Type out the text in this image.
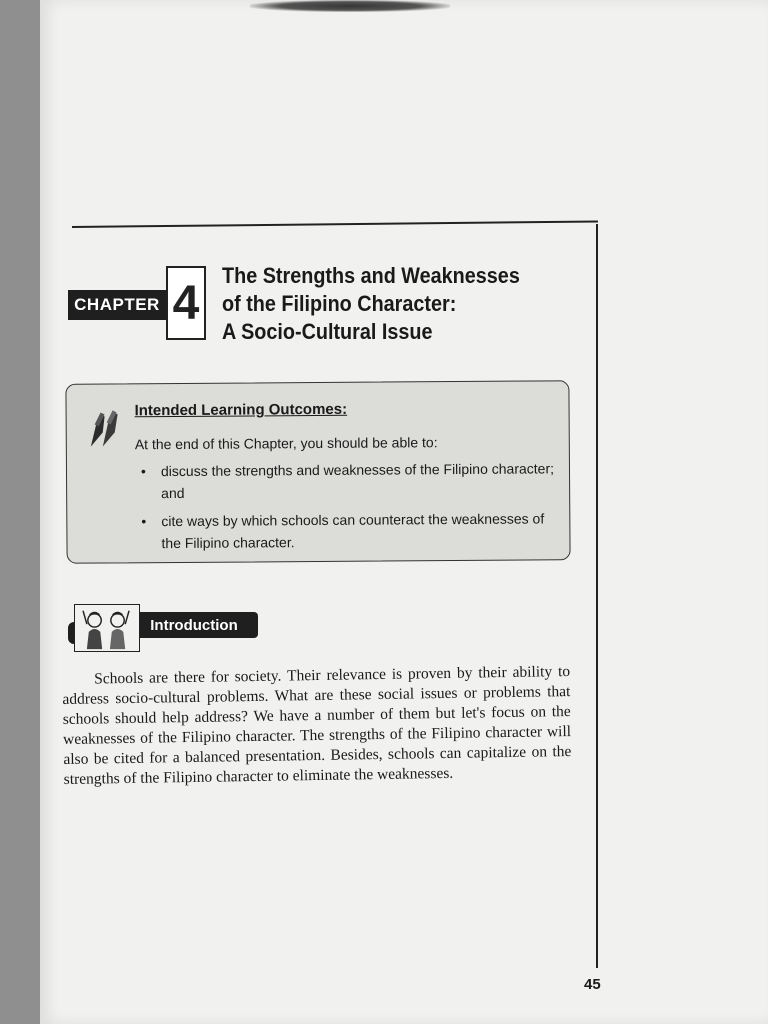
CHAPTER 4
The Strengths and Weaknesses
of the Filipino Character:
A Socio-Cultural Issue
Intended Learning Outcomes:
At the end of this Chapter, you should be able to:
• discuss the strengths and weaknesses of the Filipino character; and
• cite ways by which schools can counteract the weaknesses of the Filipino character.
Introduction

Schools are there for society. Their relevance is proven by their ability to address socio-cultural problems. What are these social issues or problems that schools should help address? We have a number of them but let's focus on the weaknesses of the Filipino character. The strengths of the Filipino character will also be cited for a balanced presentation. Besides, schools can capitalize on the strengths of the Filipino character to eliminate the weaknesses.

45
